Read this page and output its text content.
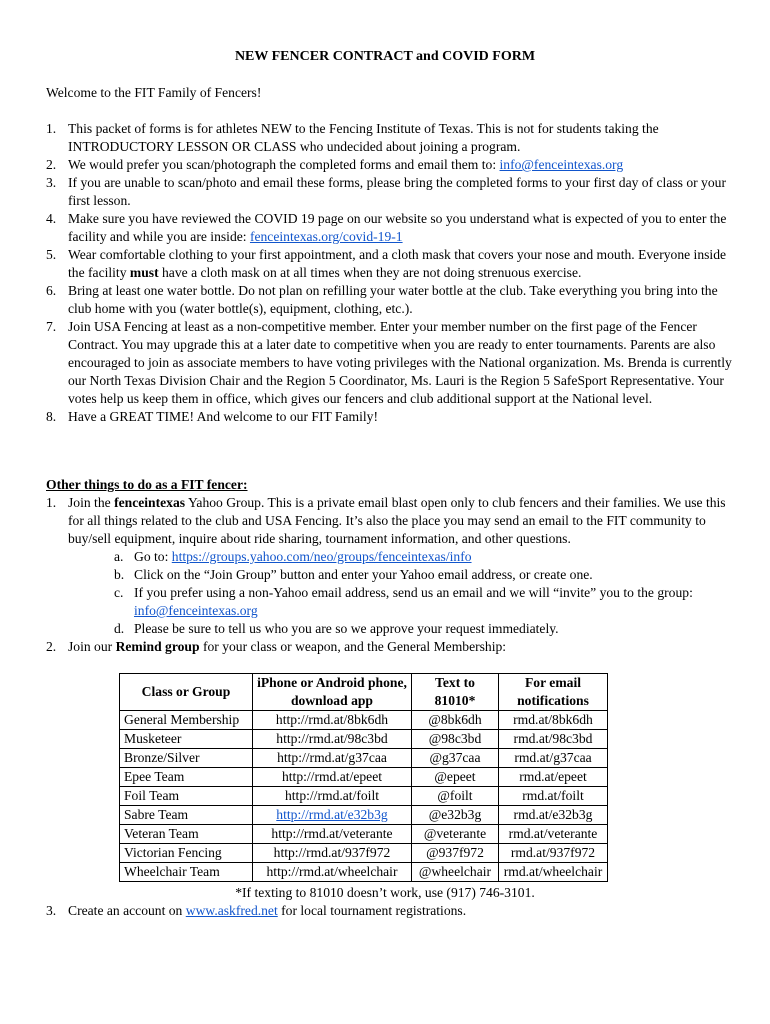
NEW FENCER CONTRACT and COVID FORM
Welcome to the FIT Family of Fencers!
1. This packet of forms is for athletes NEW to the Fencing Institute of Texas. This is not for students taking the INTRODUCTORY LESSON OR CLASS who undecided about joining a program.
2. We would prefer you scan/photograph the completed forms and email them to: info@fenceintexas.org
3. If you are unable to scan/photo and email these forms, please bring the completed forms to your first day of class or your first lesson.
4. Make sure you have reviewed the COVID 19 page on our website so you understand what is expected of you to enter the facility and while you are inside: fenceintexas.org/covid-19-1
5. Wear comfortable clothing to your first appointment, and a cloth mask that covers your nose and mouth. Everyone inside the facility must have a cloth mask on at all times when they are not doing strenuous exercise.
6. Bring at least one water bottle. Do not plan on refilling your water bottle at the club. Take everything you bring into the club home with you (water bottle(s), equipment, clothing, etc.).
7. Join USA Fencing at least as a non-competitive member. Enter your member number on the first page of the Fencer Contract. You may upgrade this at a later date to competitive when you are ready to enter tournaments. Parents are also encouraged to join as associate members to have voting privileges with the National organization. Ms. Brenda is currently our North Texas Division Chair and the Region 5 Coordinator, Ms. Lauri is the Region 5 SafeSport Representative. Your votes help us keep them in office, which gives our fencers and club additional support at the National level.
8. Have a GREAT TIME! And welcome to our FIT Family!
Other things to do as a FIT fencer:
1. Join the fenceintexas Yahoo Group. This is a private email blast open only to club fencers and their families. We use this for all things related to the club and USA Fencing. It’s also the place you may send an email to the FIT community to buy/sell equipment, inquire about ride sharing, tournament information, and other questions.
a. Go to: https://groups.yahoo.com/neo/groups/fenceintexas/info
b. Click on the “Join Group” button and enter your Yahoo email address, or create one.
c. If you prefer using a non-Yahoo email address, send us an email and we will “invite” you to the group: info@fenceintexas.org
d. Please be sure to tell us who you are so we approve your request immediately.
2. Join our Remind group for your class or weapon, and the General Membership:
Class or Group	iPhone or Android phone, download app	Text to 81010*	For email notifications
General Membership	http://rmd.at/8bk6dh	@8bk6dh	rmd.at/8bk6dh
Musketeer	http://rmd.at/98c3bd	@98c3bd	rmd.at/98c3bd
Bronze/Silver	http://rmd.at/g37caa	@g37caa	rmd.at/g37caa
Epee Team	http://rmd.at/epeet	@epeet	rmd.at/epeet
Foil Team	http://rmd.at/foilt	@foilt	rmd.at/foilt
Sabre Team	http://rmd.at/e32b3g	@e32b3g	rmd.at/e32b3g
Veteran Team	http://rmd.at/veterante	@veterante	rmd.at/veterante
Victorian Fencing	http://rmd.at/937f972	@937f972	rmd.at/937f972
Wheelchair Team	http://rmd.at/wheelchair	@wheelchair	rmd.at/wheelchair
*If texting to 81010 doesn’t work, use (917) 746-3101.
3. Create an account on www.askfred.net for local tournament registrations.
